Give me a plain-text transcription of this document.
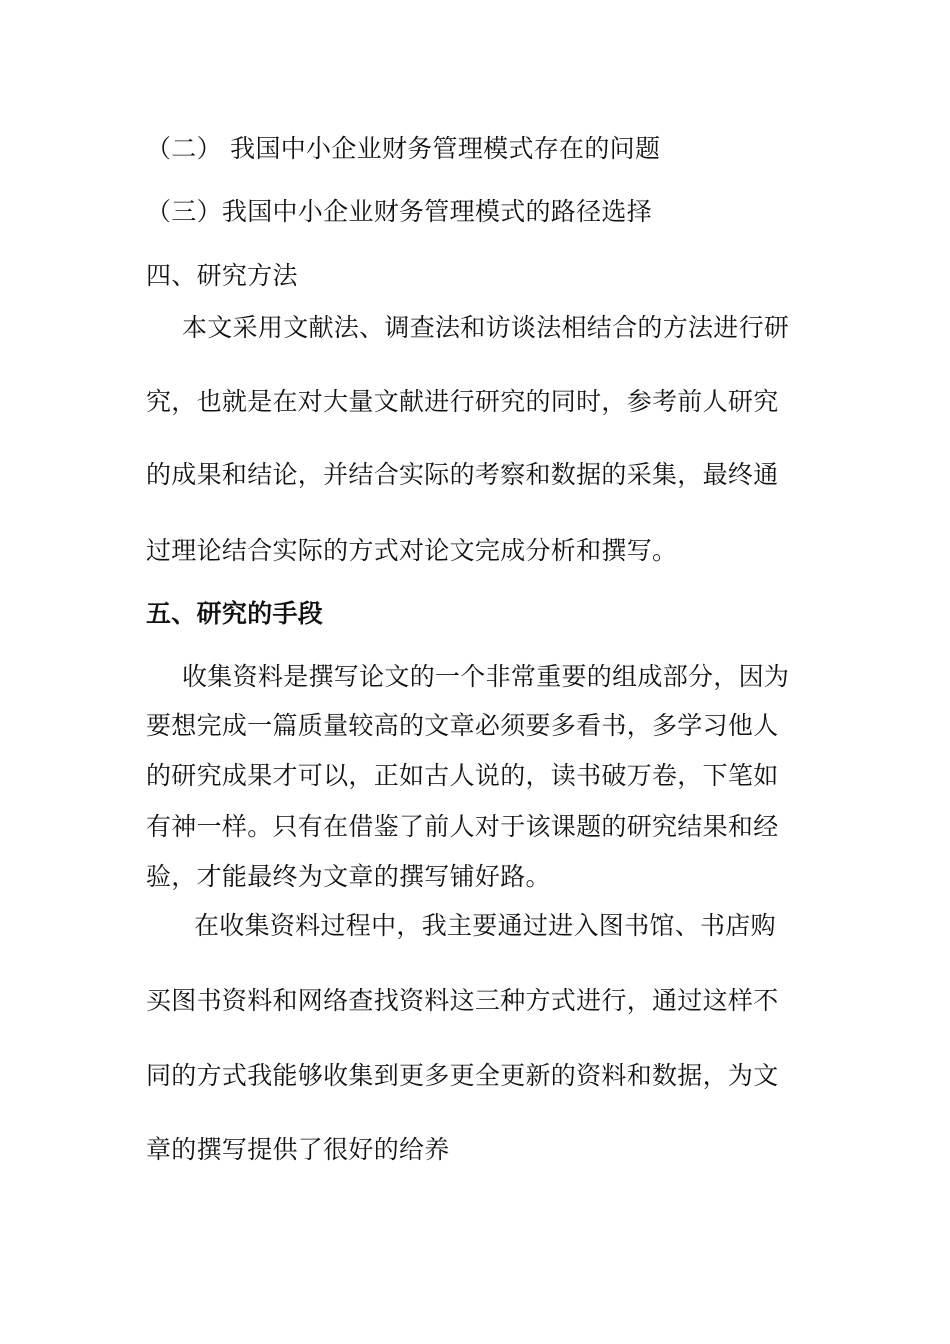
（二） 我国中小企业财务管理模式存在的问题
（三）我国中小企业财务管理模式的路径选择
四、研究方法
本文采用文献法、调查法和访谈法相结合的方法进行研
究，也就是在对大量文献进行研究的同时，参考前人研究
的成果和结论，并结合实际的考察和数据的采集，最终通
过理论结合实际的方式对论文完成分析和撰写。
五、研究的手段
收集资料是撰写论文的一个非常重要的组成部分，因为
要想完成一篇质量较高的文章必须要多看书，多学习他人
的研究成果才可以，正如古人说的，读书破万卷，下笔如
有神一样。只有在借鉴了前人对于该课题的研究结果和经
验，才能最终为文章的撰写铺好路。
在收集资料过程中，我主要通过进入图书馆、书店购
买图书资料和网络查找资料这三种方式进行，通过这样不
同的方式我能够收集到更多更全更新的资料和数据，为文
章的撰写提供了很好的给养
